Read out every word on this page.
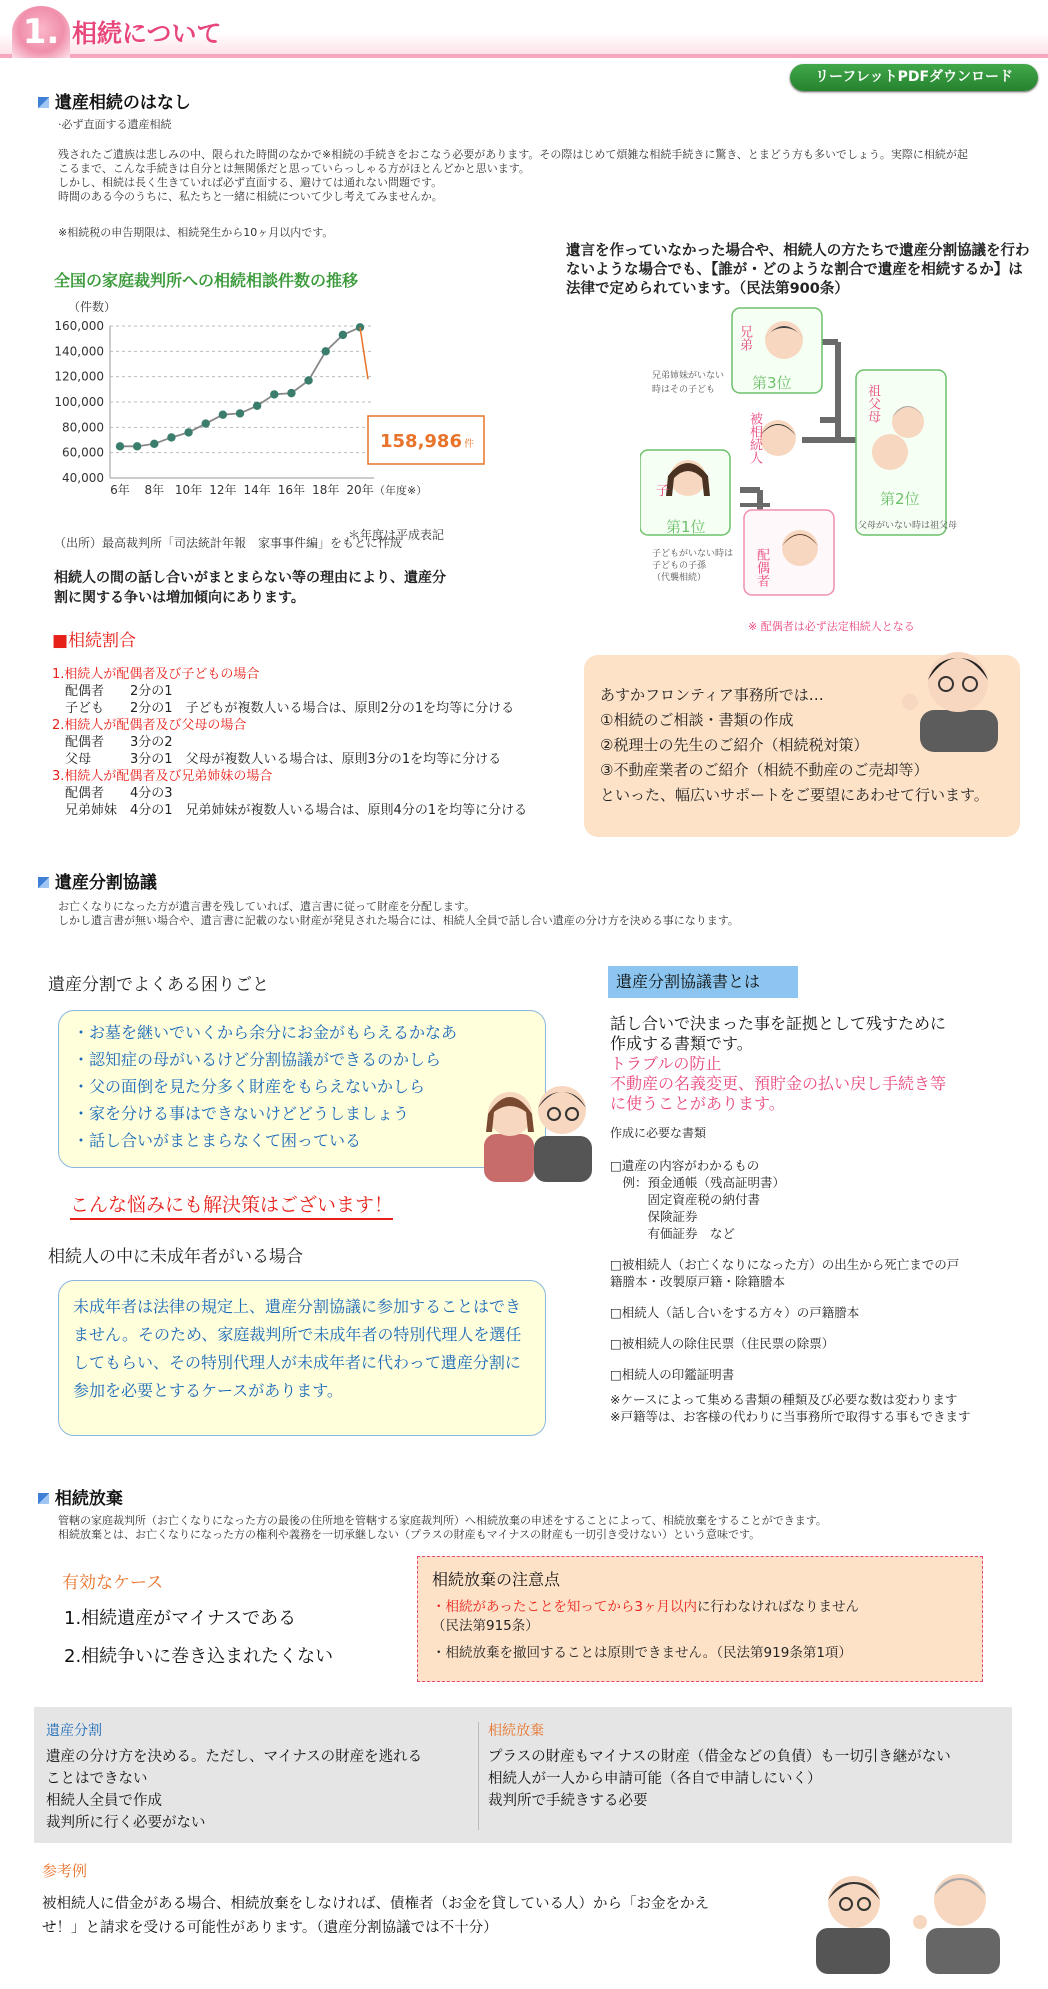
1. 相続について
リーフレットPDFダウンロード
遺産相続のはなし
·必ず直面する遺産相続
残されたご遺族は悲しみの中、限られた時間のなかで※相続の手続きをおこなう必要があります。その際はじめて煩雑な相続手続きに驚き、とまどう方も多いでしょう。実際に相続が起
こるまで、こんな手続きは自分とは無関係だと思っていらっしゃる方がほとんどかと思います。
しかし、相続は長く生きていれば必ず直面する、避けては通れない問題です。
時間のある今のうちに、私たちと一緒に相続について少し考えてみませんか。
※相続税の申告期限は、相続発生から10ヶ月以内です。
全国の家庭裁判所への相続相談件数の推移
（件数）
160,000
140,000
120,000
100,000
80,000
60,000
40,000
6年 8年 10年 12年 14年 16年 18年 20年 （年度※）
158,986 件
＊年度は平成表記
（出所）最高裁判所「司法統計年報　家事事件編」をもとに作成
相続人の間の話し合いがまとまらない等の理由により、遺産分割に関する争いは増加傾向にあります。
遺言を作っていなかった場合や、相続人の方たちで遺産分割協議を行わないような場合でも、【誰が・どのような割合で遺産を相続するか】は法律で定められています。（民法第900条）
兄弟
第3位
兄弟姉妹がいない
時はその子ども
被相続人
祖父母
第2位
父母がいない時は祖父母
子
第1位
子どもがいない時は
子どもの子孫
（代襲相続）	配偶者
※ 配偶者は必ず法定相続人となる
■相続割合
1.相続人が配偶者及び子どもの場合
　配偶者　　2分の1
　子ども　　2分の1　子どもが複数人いる場合は、原則2分の1を均等に分ける
2.相続人が配偶者及び父母の場合
　配偶者　　3分の2
　父母　　　3分の1　父母が複数人いる場合は、原則3分の1を均等に分ける
3.相続人が配偶者及び兄弟姉妹の場合
　配偶者　　4分の3
　兄弟姉妹　4分の1　兄弟姉妹が複数人いる場合は、原則4分の1を均等に分ける
あすかフロンティア事務所では…
①相続のご相談・書類の作成
②税理士の先生のご紹介（相続税対策）
③不動産業者のご紹介（相続不動産のご売却等）
といった、幅広いサポートをご要望にあわせて行います。
遺産分割協議
お亡くなりになった方が遺言書を残していれば、遺言書に従って財産を分配します。
しかし遺言書が無い場合や、遺言書に記載のない財産が発見された場合には、相続人全員で話し合い遺産の分け方を決める事になります。
遺産分割でよくある困りごと
・お墓を継いでいくから余分にお金がもらえるかなあ
・認知症の母がいるけど分割協議ができるのかしら
・父の面倒を見た分多く財産をもらえないかしら
・家を分ける事はできないけどどうしましょう
・話し合いがまとまらなくて困っている
こんな悩みにも解決策はございます！
相続人の中に未成年者がいる場合
未成年者は法律の規定上、遺産分割協議に参加することはできません。そのため、家庭裁判所で未成年者の特別代理人を選任してもらい、その特別代理人が未成年者に代わって遺産分割に参加を必要とするケースがあります。
遺産分割協議書とは
話し合いで決まった事を証拠として残すために
作成する書類です。
トラブルの防止
不動産の名義変更、預貯金の払い戻し手続き等
に使うことがあります。
作成に必要な書類
□遺産の内容がわかるもの
　例：預金通帳（残高証明書）
　　　固定資産税の納付書
　　　保険証券
　　　有価証券　など
□被相続人（お亡くなりになった方）の出生から死亡までの戸
籍謄本・改製原戸籍・除籍謄本
□相続人（話し合いをする方々）の戸籍謄本
□被相続人の除住民票（住民票の除票）
□相続人の印鑑証明書
※ケースによって集める書類の種類及び必要な数は変わります
※戸籍等は、お客様の代わりに当事務所で取得する事もできます
相続放棄
管轄の家庭裁判所（お亡くなりになった方の最後の住所地を管轄する家庭裁判所）へ相続放棄の申述をすることによって、相続放棄をすることができます。
相続放棄とは、お亡くなりになった方の権利や義務を一切承継しない（プラスの財産もマイナスの財産も一切引き受けない）という意味です。
有効なケース
1.相続遺産がマイナスである
2.相続争いに巻き込まれたくない
相続放棄の注意点
・相続があったことを知ってから3ヶ月以内に行わなければなりません
（民法第915条）
・相続放棄を撤回することは原則できません。（民法第919条第1項）
遺産分割
遺産の分け方を決める。ただし、マイナスの財産を逃れる
ことはできない
相続人全員で作成
裁判所に行く必要がない
相続放棄
プラスの財産もマイナスの財産（借金などの負債）も一切引き継がない
相続人が一人から申請可能（各自で申請しにいく）
裁判所で手続きする必要
参考例
被相続人に借金がある場合、相続放棄をしなければ、債権者（お金を貸している人）から「お金をかえ
せ！」と請求を受ける可能性があります。（遺産分割協議では不十分）
